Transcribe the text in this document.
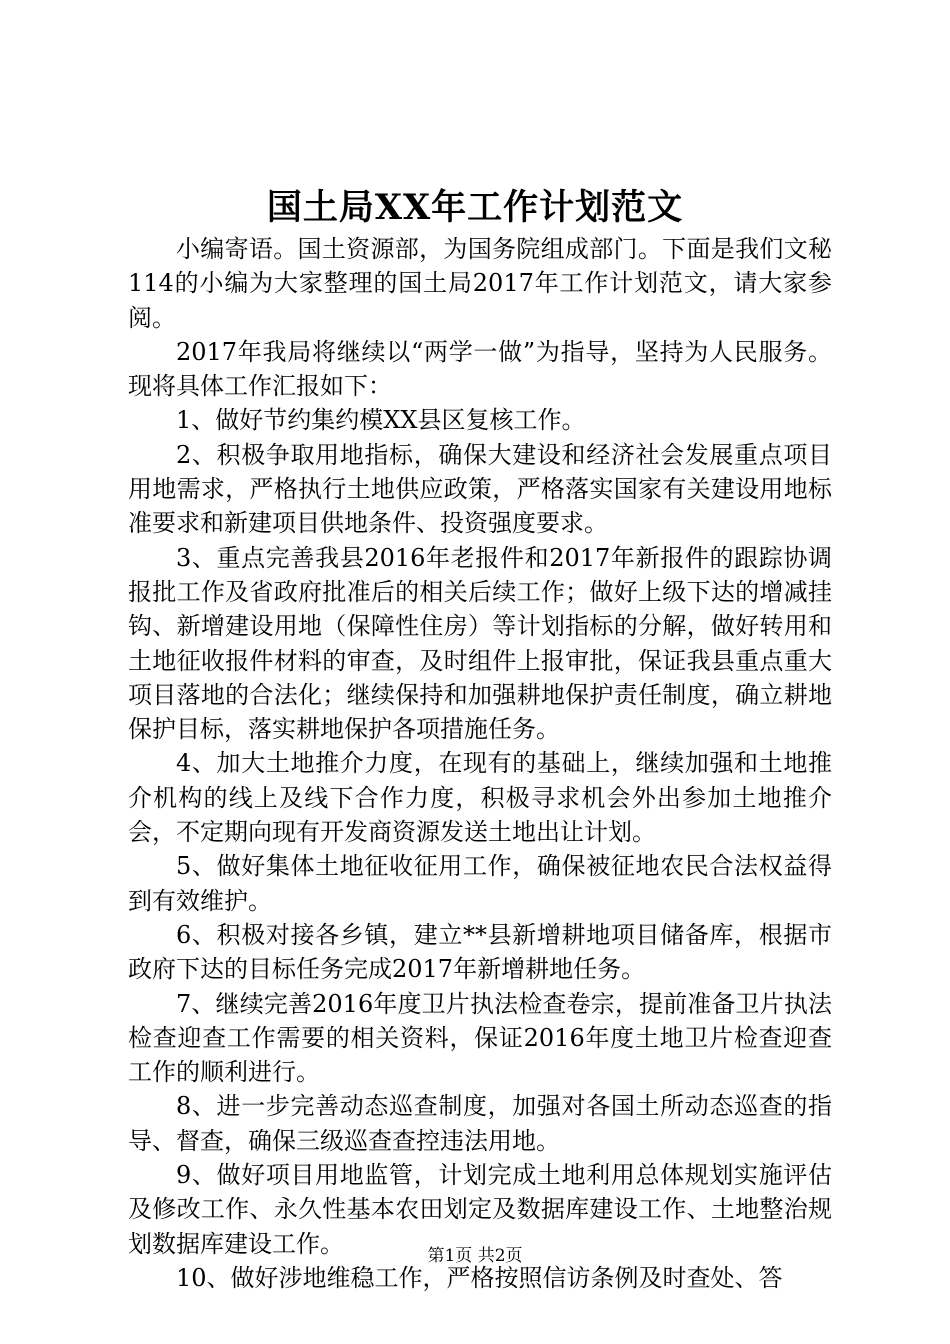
国土局XX年工作计划范文

小编寄语。国土资源部，为国务院组成部门。下面是我们文秘114的小编为大家整理的国土局2017年工作计划范文，请大家参阅。

2017年我局将继续以“两学一做”为指导，坚持为人民服务。现将具体工作汇报如下：

1、做好节约集约模XX县区复核工作。

2、积极争取用地指标，确保大建设和经济社会发展重点项目用地需求，严格执行土地供应政策，严格落实国家有关建设用地标准要求和新建项目供地条件、投资强度要求。

3、重点完善我县2016年老报件和2017年新报件的跟踪协调报批工作及省政府批准后的相关后续工作；做好上级下达的增减挂钩、新增建设用地（保障性住房）等计划指标的分解，做好转用和土地征收报件材料的审查，及时组件上报审批，保证我县重点重大项目落地的合法化；继续保持和加强耕地保护责任制度，确立耕地保护目标，落实耕地保护各项措施任务。

4、加大土地推介力度，在现有的基础上，继续加强和土地推介机构的线上及线下合作力度，积极寻求机会外出参加土地推介会，不定期向现有开发商资源发送土地出让计划。

5、做好集体土地征收征用工作，确保被征地农民合法权益得到有效维护。

6、积极对接各乡镇，建立**县新增耕地项目储备库，根据市政府下达的目标任务完成2017年新增耕地任务。

7、继续完善2016年度卫片执法检查卷宗，提前准备卫片执法检查迎查工作需要的相关资料，保证2016年度土地卫片检查迎查工作的顺利进行。

8、进一步完善动态巡查制度，加强对各国土所动态巡查的指导、督查，确保三级巡查查控违法用地。

9、做好项目用地监管，计划完成土地利用总体规划实施评估及修改工作、永久性基本农田划定及数据库建设工作、土地整治规划数据库建设工作。

10、做好涉地维稳工作，严格按照信访条例及时查处、答

第1页 共2页
